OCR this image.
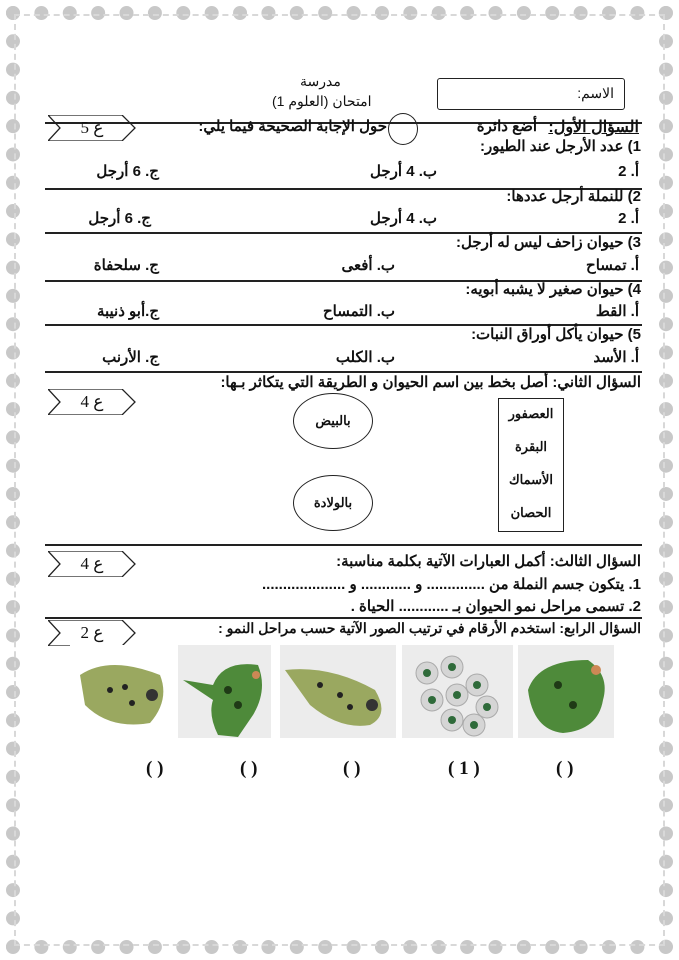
مدرسة
امتحان (العلوم 1)	الاسم:
السؤال الأول:
أضع دائرة
حول الإجابة الصحيحة فيما يلي:
5 ع
1) عدد الأرجل عند الطيور:
أ. 2
ب. 4 أرجل
ج. 6 أرجل
2) للنملة أرجل عددها:
أ. 2
ب. 4 أرجل
ج. 6 أرجل
3) حيوان زاحف ليس له أرجل:
أ. تمساح
ب. أفعى
ج. سلحفاة
4) حيوان صغير لا يشبه أبويه:
أ. القط
ب. التمساح
ج.أبو ذنيبة
5) حيوان يأكل أوراق النبات:
أ. الأسد
ب. الكلب
ج. الأرنب
السؤال الثاني: أصل بخط بين اسم الحيوان و الطريقة التي يتكاثر بـها:
4 ع
العصفور
البقرة
الأسماك
الحصان
بالبيض
بالولادة
السؤال الثالث: أكمل العبارات الآتية بكلمة مناسبة:
4 ع
1. يتكون جسم النملة من .............. و ............ و ....................
2. تسمى مراحل نمو الحيوان بـ ............ الحياة .
السؤال الرابع: استخدم الأرقام في ترتيب الصور الآتية حسب مراحل النمو :
2 ع
( )	( )	( )	( 1 )	( )
